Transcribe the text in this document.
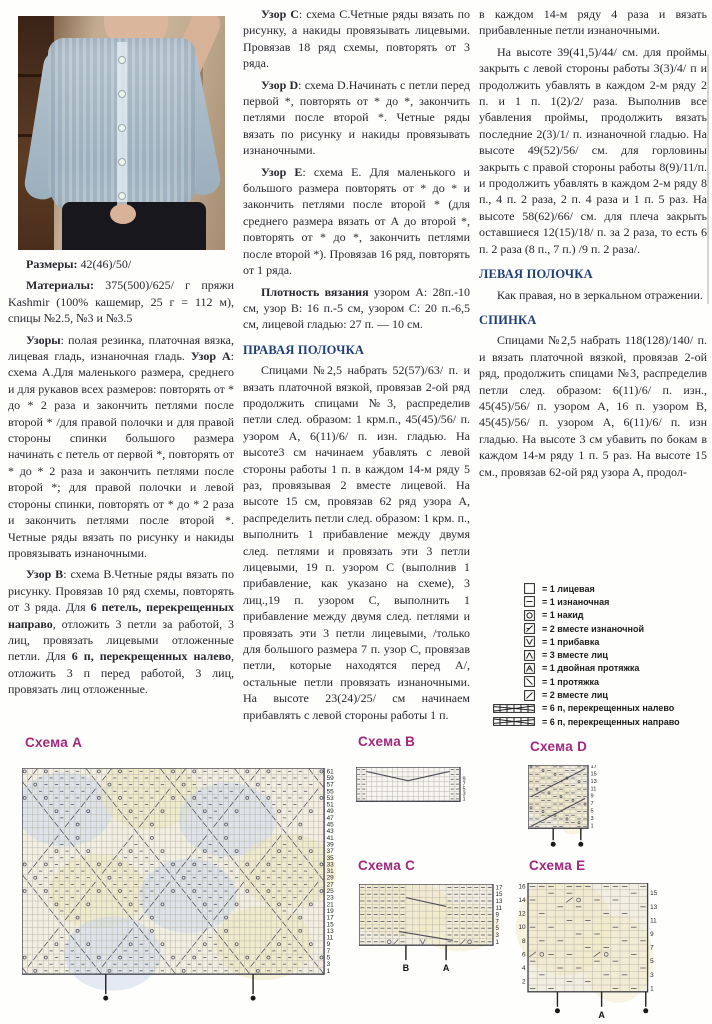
Размеры: 42(46)/50/

Материалы: 375(500)/625/ г пряжи Kashmir (100% кашемир, 25 г = 112 м), спицы №2.5, №3 и №3.5

Узоры: полая резинка, платочная вязка, лицевая гладь, изнаночная гладь. Узор А: схема А.Для маленького размера, среднего и для рукавов всех размеров: повторять от * до * 2 раза и закончить петлями после второй * /для правой полочки и для правой стороны спинки большого размера начинать с петель от первой *, повторять от * до * 2 раза и закончить петлями после второй *; для правой полочки и левой стороны спинки, повторять от * до * 2 раза и закончить петлями после второй *. Четные ряды вязать по рисунку и накиды провязывать изнаночными.

Узор В: схема В.Четные ряды вязать по рисунку. Провязав 10 ряд схемы, повторять от 3 ряда. Для 6 петель, перекрещенных направо, отложить 3 петли за работой, 3 лиц, провязать лицевыми отложенные петли. Для 6 п, перекрещенных налево, отложить 3 п перед работой, 3 лиц, провязать лиц отложенные.

Узор С: схема С.Четные ряды вязать по рисунку, а накиды провязывать лицевыми. Провязав 18 ряд схемы, повторять от 3 ряда.

Узор D: схема D.Начинать с петли перед первой *, повторять от * до *, закончить петлями после второй *. Четные ряды вязать по рисунку и накиды провязывать изнаночными.

Узор Е: схема Е. Для маленького и большого размера повторять от * до * и закончить петлями после второй * (для среднего размера вязать от А до второй *, повторять от * до *, закончить петлями после второй *). Провязав 16 ряд, повторять от 1 ряда.

Плотность вязания узором А: 28п.-10 см, узор В: 16 п.-5 см, узором С: 20 п.-6,5 см, лицевой гладью: 27 п. — 10 см.

ПРАВАЯ ПОЛОЧКА

Спицами №2,5 набрать 52(57)/63/ п. и вязать платочной вязкой, провязав 2-ой ряд продолжить спицами №3, распределив петли след. образом: 1 крм.п., 45(45)/56/ п. узором А, 6(11)/6/ п. изн. гладью. На высоте3 см начинаем убавлять с левой стороны работы 1 п. в каждом 14-м ряду 5 раз, провязывая 2 вместе лицевой. На высоте 15 см, провязав 62 ряд узора А, распределить петли след. образом: 1 крм. п., выполнить 1 прибавление между двумя след. петлями и провязать эти 3 петли лицевыми, 19 п. узором С (выполнив 1 прибавление, как указано на схеме), 3 лиц.,19 п. узором С, выполнить 1 прибавление между двумя след. петлями и провязать эти 3 петли лицевыми, /только для большого размера 7 п. узор С, провязав петли, которые находятся перед А/, остальные петли провязать изнаночными. На высоте 23(24)/25/ см начинаем прибавлять с левой стороны работы 1 п.

в каждом 14-м ряду 4 раза и вязать прибавленные петли изнаночными.

На высоте 39(41,5)/44/ см. для проймы закрыть с левой стороны работы 3(3)/4/ п и продолжить убавлять в каждом 2-м ряду 2 п. и 1 п. 1(2)/2/ раза. Выполнив все убавления проймы, продолжить вязать последние 2(3)/1/ п. изнаночной гладью. На высоте 49(52)/56/ см. для горловины закрыть с правой стороны работы 8(9)/11/п. и продолжить убавлять в каждом 2-м ряду 8 п., 4 п. 2 раза, 2 п. 4 раза и 1 п. 5 раз. На высоте 58(62)/66/ см. для плеча закрыть оставшиеся 12(15)/18/ п. за 2 раза, то есть 6 п. 2 раза (8 п., 7 п.) /9 п. 2 раза/.

ЛЕВАЯ ПОЛОЧКА

Как правая, но в зеркальном отражении.

СПИНКА

Спицами №2,5 набрать 118(128)/140/ п. и вязать платочной вязкой, провязав 2-ой ряд, продолжить спицами №3, распределив петли след. образом: 6(11)/6/ п. изн., 45(45)/56/ п. узором А, 16 п. узором В, 45(45)/56/ п. узором А, 6(11)/6/ п. изн гладью. На высоте 3 см убавить по бокам в каждом 14-м ряду 1 п. 5 раз. На высоте 15 см., провязав 62-ой ряд узора А, продол-

= 1 лицевая
= 1 изнаночная
= 1 накид
= 2 вместе изнаночной
= 1 прибавка
= 3 вместе лиц
= 1 двойная протяжка
= 1 протяжка
= 2 вместе лиц
= 6 п, перекрещенных налево
= 6 п, перекрещенных направо
Схема А	Схема В
Схема С
Схема D
Схема Е
61
59
57
55
53
51
49
47
45
43
41
39
37
35
33
31
29
27
25
23
21
19
17
15
13
11
9
7
5
3
1
9
7
5
3
1
17
15
13
11
9
7
5
3
1
B	A
17
15
13
11
9
7
5
3
1
15
13
11
9
7
5
3
1
16
14
12
10
8
6
4
2
A
